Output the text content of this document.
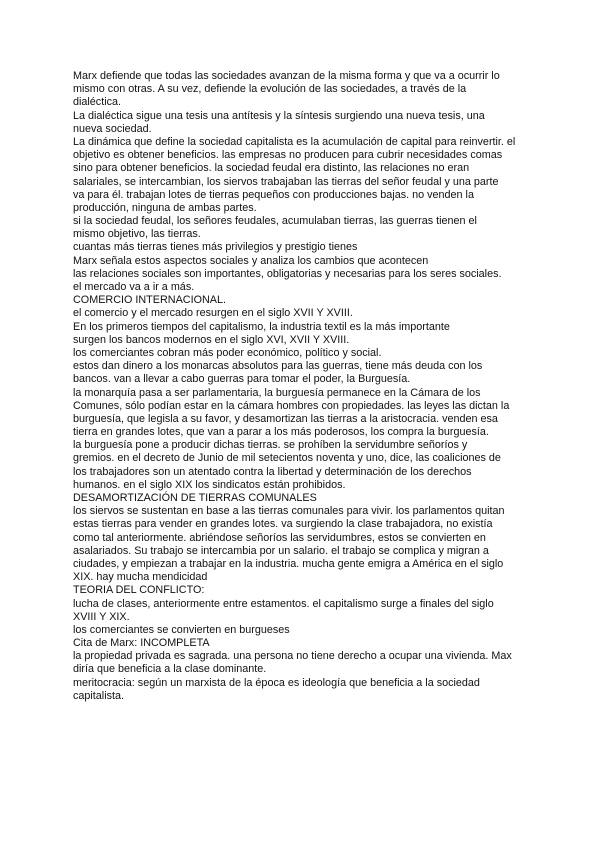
Marx defiende que todas las sociedades avanzan de la misma forma y que va a ocurrir lo

mismo con otras. A su vez, defiende la evolución de las sociedades, a través de la

dialéctica.

La dialéctica sigue una tesis una antítesis y la síntesis surgiendo una nueva tesis, una

nueva sociedad.

La dinámica que define la sociedad capitalista es la acumulación de capital para reinvertir. el

objetivo es obtener beneficios. las empresas no producen para cubrir necesidades comas

sino para obtener beneficios. la sociedad feudal era distinto, las relaciones no eran

salariales, se intercambian, los siervos trabajaban las tierras del señor feudal y una parte

va para él. trabajan lotes de tierras pequeños con producciones bajas. no venden la

producción, ninguna de ambas partes.

si la sociedad feudal, los señores feudales, acumulaban tierras, las guerras tienen el

mismo objetivo, las tierras.

cuantas más tierras tienes más privilegios y prestigio tienes

Marx señala estos aspectos sociales y analiza los cambios que acontecen

las relaciones sociales son importantes, obligatorias y necesarias para los seres sociales.

el mercado va a ir a más.

COMERCIO INTERNACIONAL.

el comercio y el mercado resurgen en el siglo XVII Y XVIII.

En los primeros tiempos del capitalismo, la industria textil es la más importante

surgen los bancos modernos en el siglo XVI, XVII Y XVIII.

los comerciantes cobran más poder económico, político y social.

estos dan dinero a los monarcas absolutos para las guerras, tiene más deuda con los

bancos. van a llevar a cabo guerras para tomar el poder, la Burguesía.

la monarquía pasa a ser parlamentaria, la burguesía permanece en la Cámara de los

Comunes, sólo podían estar en la cámara hombres con propiedades. las leyes las dictan la

burguesía, que legisla a su favor, y desamortizan las tierras a la aristocracia. venden esa

tierra en grandes lotes, que van a parar a los más poderosos, los compra la burguesía.

la burguesía pone a producir dichas tierras. se prohíben la servidumbre señoríos y

gremios. en el decreto de Junio de mil setecientos noventa y uno, dice, las coaliciones de

los trabajadores son un atentado contra la libertad y determinación de los derechos

humanos. en el siglo XIX los sindicatos están prohibidos.

DESAMORTIZACIÓN DE TIERRAS COMUNALES

los siervos se sustentan en base a las tierras comunales para vivir. los parlamentos quitan

estas tierras para vender en grandes lotes. va surgiendo la clase trabajadora, no existía

como tal anteriormente. abriéndose señoríos las servidumbres, estos se convierten en

asalariados. Su trabajo se intercambia por un salario. el trabajo se complica y migran a

ciudades, y empiezan a trabajar en la industria. mucha gente emigra a América en el siglo

XIX. hay mucha mendicidad

TEORIA DEL CONFLICTO:

lucha de clases, anteriormente entre estamentos. el capitalismo surge a finales del siglo

XVIII Y XIX.

los comerciantes se convierten en burgueses

Cita de Marx: INCOMPLETA

la propiedad privada es sagrada. una persona no tiene derecho a ocupar una vivienda. Max

diría que beneficia a la clase dominante.

meritocracia: según un marxista de la época es ideología que beneficia a la sociedad

capitalista.
